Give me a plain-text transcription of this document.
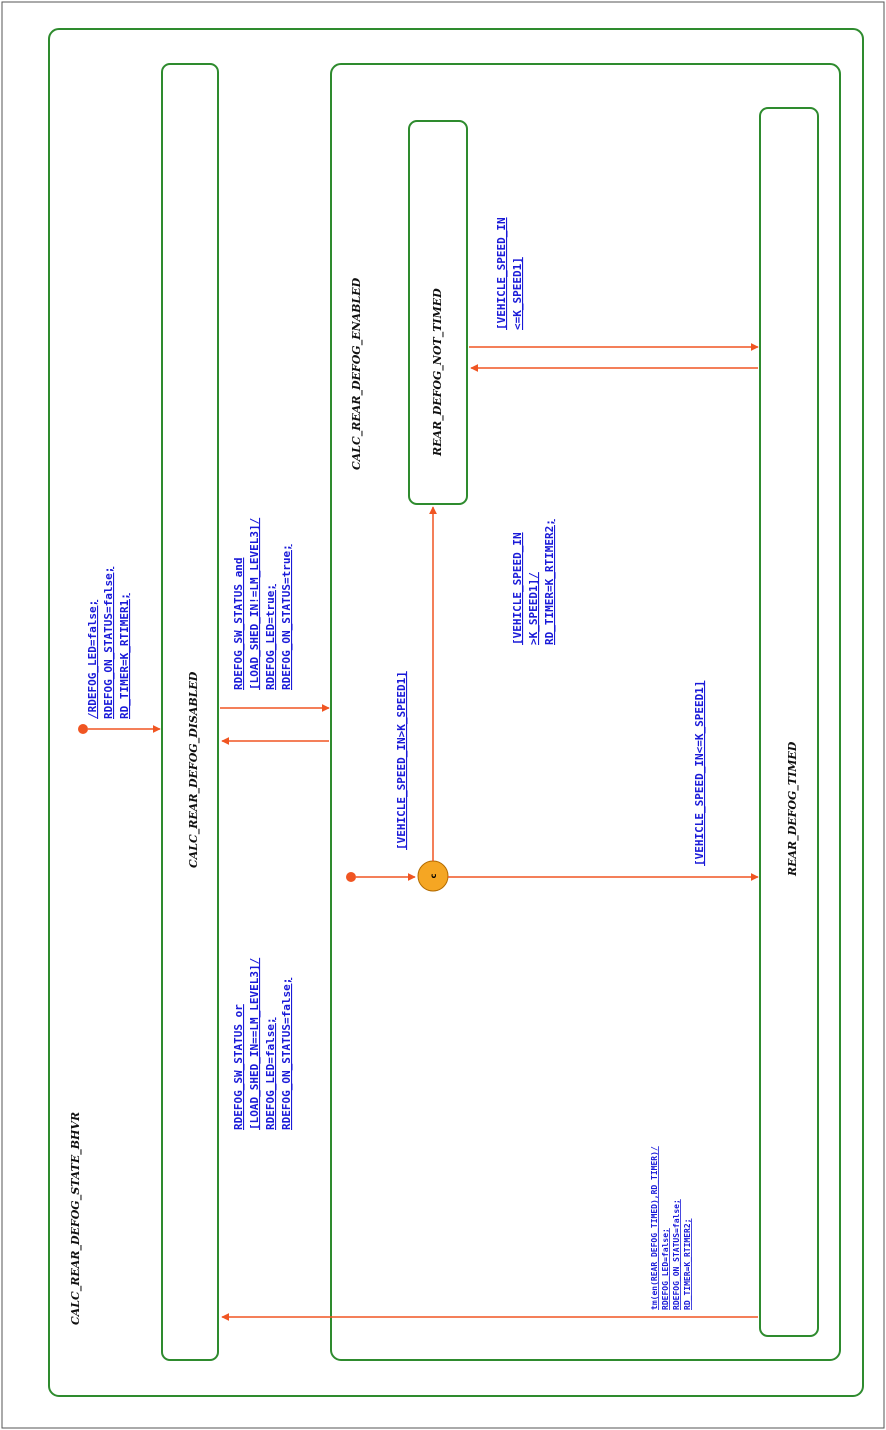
CALC_REAR_DEFOG_STATE_BHVR
CALC_REAR_DEFOG_DISABLED
CALC_REAR_DEFOG_ENABLED	REAR_DEFOG_NOT_TIMED
REAR_DEFOG_TIMED
/RDEFOG_LED=false; RDEFOG_ON_STATUS=false; RD_TIMER=K_RTIMER1;	RDEFOG_SW_STATUS and [LOAD_SHED_IN!=LM_LEVEL3]/ RDEFOG_LED=true; RDEFOG_ON_STATUS=true;
RDEFOG_SW_STATUS or [LOAD_SHED_IN==LM_LEVEL3]/ RDEFOG_LED=false; RDEFOG_ON_STATUS=false;
c
[VEHICLE_SPEED_IN>K_SPEED1]	[VEHICLE_SPEED_IN<=K_SPEED1]
[VEHICLE_SPEED_IN <=K_SPEED1]
[VEHICLE_SPEED_IN >K_SPEED1]/ RD_TIMER=K_RTIMER2;
tm(en(REAR_DEFOG_TIMED),RD_TIMER)/ RDEFOG_LED=false; RDEFOG_ON_STATUS=false; RD_TIMER=K_RTIMER2;
